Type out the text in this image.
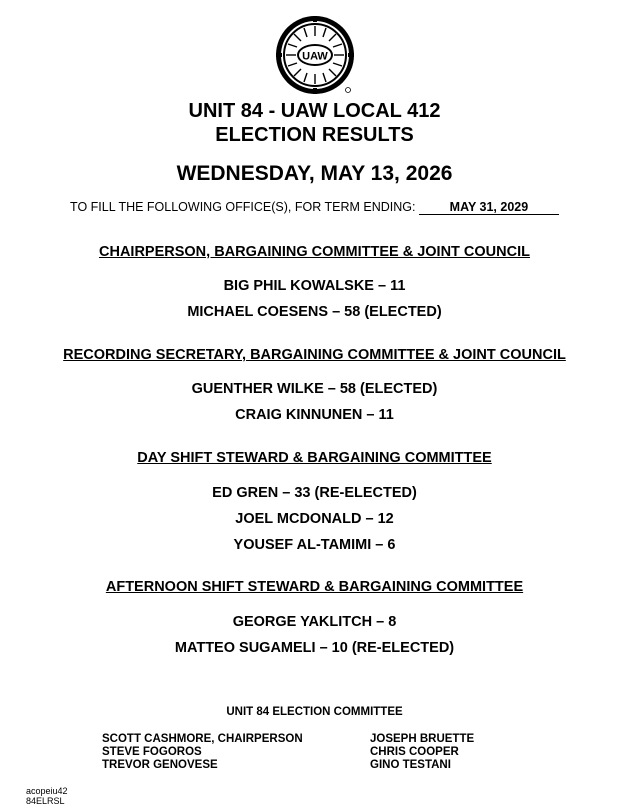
UAW
UNIT 84 - UAW LOCAL 412
ELECTION RESULTS
WEDNESDAY, MAY 13, 2026
TO FILL THE FOLLOWING OFFICE(S), FOR TERM ENDING:	MAY 31, 2029
CHAIRPERSON, BARGAINING COMMITTEE & JOINT COUNCIL
BIG PHIL KOWALSKE – 11
MICHAEL COESENS – 58 (ELECTED)
RECORDING SECRETARY, BARGAINING COMMITTEE & JOINT COUNCIL
GUENTHER WILKE – 58 (ELECTED)
CRAIG KINNUNEN – 11
DAY SHIFT STEWARD & BARGAINING COMMITTEE
ED GREN – 33 (RE-ELECTED)
JOEL MCDONALD – 12
YOUSEF AL-TAMIMI – 6
AFTERNOON SHIFT STEWARD & BARGAINING COMMITTEE
GEORGE YAKLITCH – 8
MATTEO SUGAMELI – 10 (RE-ELECTED)
UNIT 84 ELECTION COMMITTEE
SCOTT CASHMORE, CHAIRPERSON
STEVE FOGOROS
TREVOR GENOVESE
JOSEPH BRUETTE
CHRIS COOPER
GINO TESTANI
acopeiu42
84ELRSL
